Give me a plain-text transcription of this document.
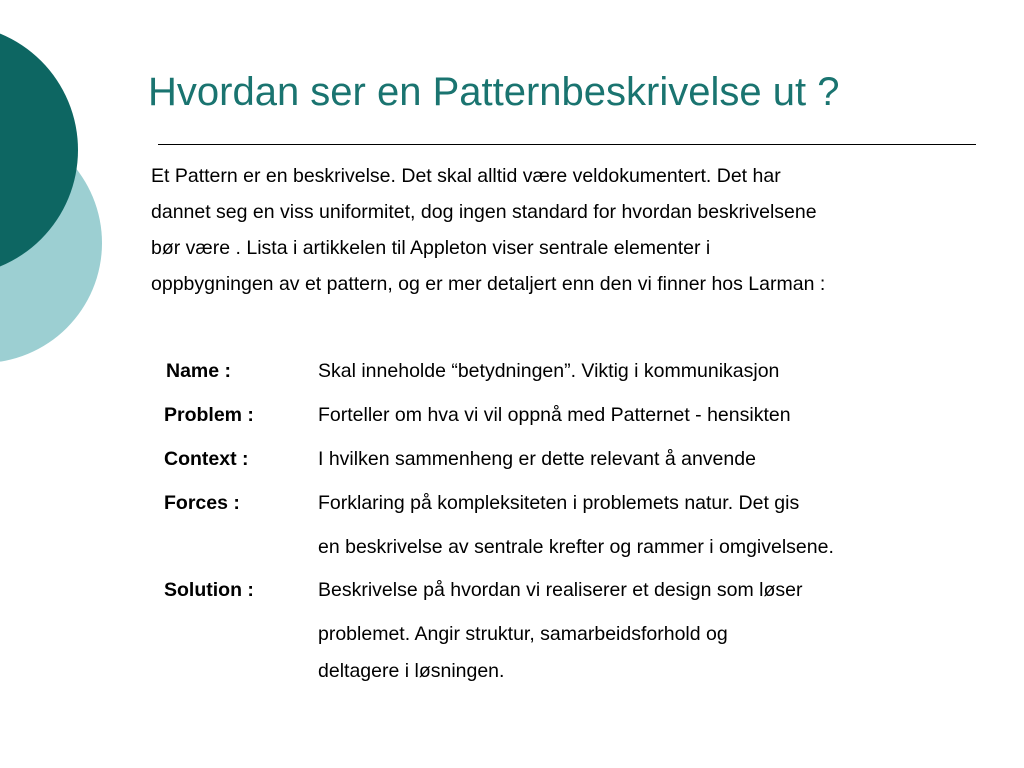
Hvordan ser en Patternbeskrivelse ut ?
Et Pattern er en beskrivelse. Det skal alltid være veldokumentert. Det har
dannet seg en viss uniformitet, dog ingen standard for hvordan beskrivelsene
bør være . Lista i artikkelen til Appleton viser sentrale elementer i
oppbygningen av et pattern, og er mer detaljert enn den vi finner hos Larman :
Name :	Skal inneholde “betydningen”. Viktig i kommunikasjon
Problem :	Forteller om hva vi vil oppnå med Patternet - hensikten
Context :	I hvilken sammenheng er dette relevant å anvende
Forces :	Forklaring på kompleksiteten i problemets natur. Det gis
en beskrivelse av sentrale krefter og rammer i omgivelsene.
Solution :	Beskrivelse på hvordan vi realiserer et design som løser
problemet. Angir struktur, samarbeidsforhold og
deltagere i løsningen.
